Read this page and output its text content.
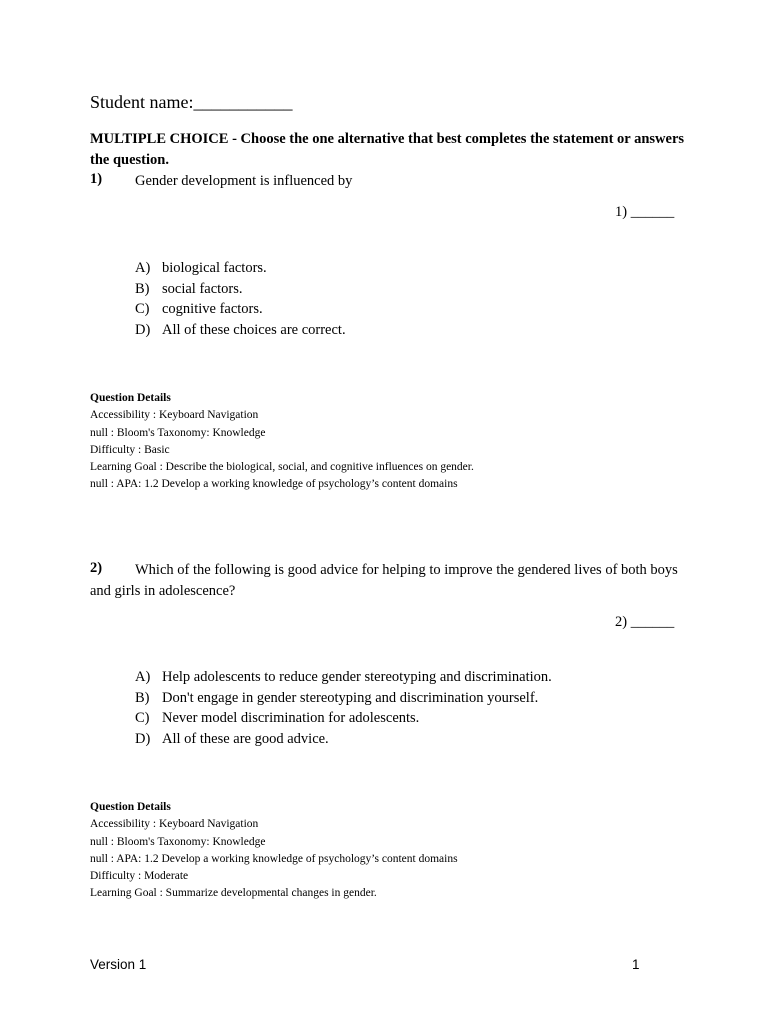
Student name:___________
MULTIPLE CHOICE - Choose the one alternative that best completes the statement or answers the question.
1) Gender development is influenced by
1) ______
A) biological factors.
B) social factors.
C) cognitive factors.
D) All of these choices are correct.
Question Details
Accessibility : Keyboard Navigation
null : Bloom's Taxonomy: Knowledge
Difficulty : Basic
Learning Goal : Describe the biological, social, and cognitive influences on gender.
null : APA: 1.2 Develop a working knowledge of psychology’s content domains
2)	Which of the following is good advice for helping to improve the gendered lives of both boys and girls in adolescence?
2) ______
A) Help adolescents to reduce gender stereotyping and discrimination.
B) Don't engage in gender stereotyping and discrimination yourself.
C) Never model discrimination for adolescents.
D) All of these are good advice.
Question Details
Accessibility : Keyboard Navigation
null : Bloom's Taxonomy: Knowledge
null : APA: 1.2 Develop a working knowledge of psychology’s content domains
Difficulty : Moderate
Learning Goal : Summarize developmental changes in gender.
Version 1	1
